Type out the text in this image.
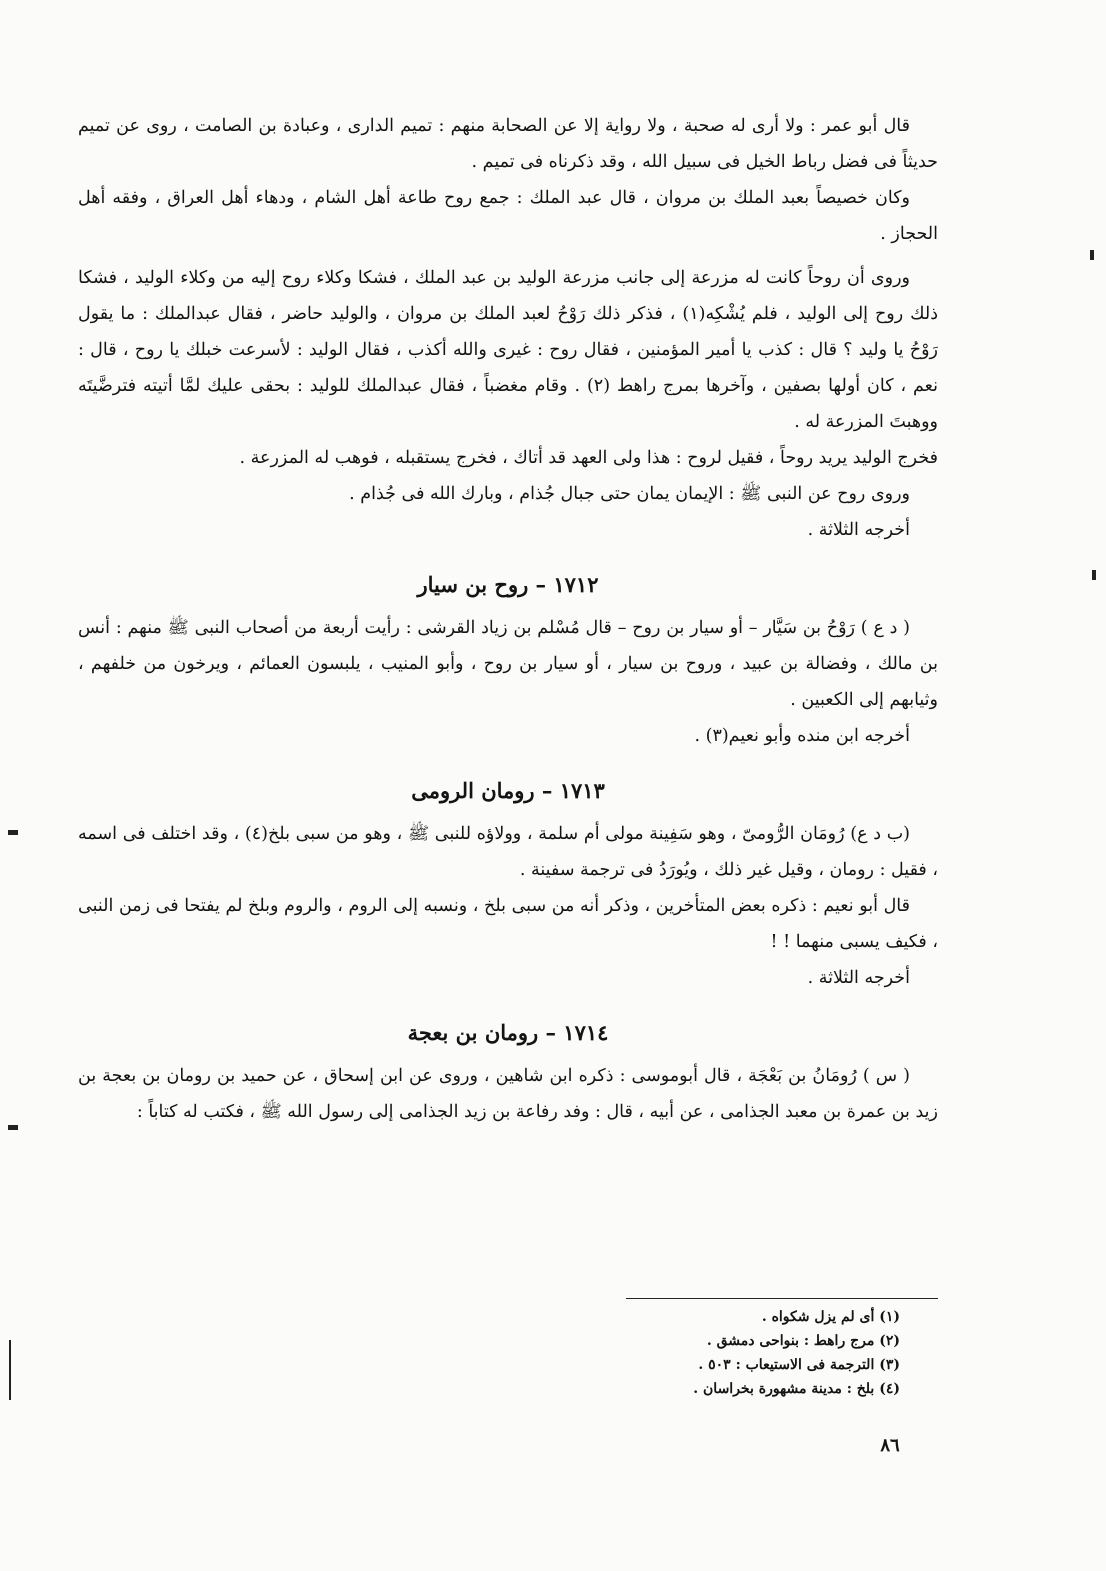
قال أبو عمر : ولا أرى له صحبة ، ولا رواية إلا عن الصحابة منهم : تميم الدارى ، وعبادة بن الصامت ، روى عن تميم حديثاً فى فضل رباط الخيل فى سبيل الله ، وقد ذكرناه فى تميم .

وكان خصيصاً بعبد الملك بن مروان ، قال عبد الملك : جمع روح طاعة أهل الشام ، ودهاء أهل العراق ، وفقه أهل الحجاز .

وروى أن روحاً كانت له مزرعة إلى جانب مزرعة الوليد بن عبد الملك ، فشكا وكلاء روح إليه من وكلاء الوليد ، فشكا ذلك روح إلى الوليد ، فلم يُشْكِه(١) ، فذكر ذلك رَوْحُ لعبد الملك بن مروان ، والوليد حاضر ، فقال عبدالملك : ما يقول رَوْحُ يا وليد ؟ قال : كذب يا أمير المؤمنين ، فقال روح : غيرى والله أكذب ، فقال الوليد : لأسرعت خبلك يا روح ، قال : نعم ، كان أولها بصفين ، وآخرها بمرج راهط (٢) . وقام مغضباً ، فقال عبدالملك للوليد : بحقى عليك لمَّا أتيته فترضَّيتَه ووهبتَ المزرعة له .

فخرج الوليد يريد روحاً ، فقيل لروح : هذا ولى العهد قد أتاك ، فخرج يستقبله ، فوهب له المزرعة .

وروى روح عن النبى ﷺ : الإيمان يمان حتى جبال جُذام ، وبارك الله فى جُذام .

أخرجه الثلاثة .

١٧١٢ – روح بن سيار

( د ع ) رَوْحُ بن سَيَّار – أو سيار بن روح – قال مُسْلم بن زياد القرشى : رأيت أربعة من أصحاب النبى ﷺ منهم : أنس بن مالك ، وفضالة بن عبيد ، وروح بن سيار ، أو سيار بن روح ، وأبو المنيب ، يلبسون العمائم ، ويرخون من خلفهم ، وثيابهم إلى الكعبين .

أخرجه ابن منده وأبو نعيم(٣) .

١٧١٣ – رومان الرومى

(ب د ع) رُومَان الرُّومىّ ، وهو سَفِينة مولى أم سلمة ، وولاؤه للنبى ﷺ ، وهو من سبى بلخ(٤) ، وقد اختلف فى اسمه ، فقيل : رومان ، وقيل غير ذلك ، ويُورَدُ فى ترجمة سفينة .

قال أبو نعيم : ذكره بعض المتأخرين ، وذكر أنه من سبى بلخ ، ونسبه إلى الروم ، والروم وبلخ لم يفتحا فى زمن النبى ، فكيف يسبى منهما ! !

أخرجه الثلاثة .

١٧١٤ – رومان بن بعجة

( س ) رُومَانُ بن بَعْجَة ، قال أبوموسى : ذكره ابن شاهين ، وروى عن ابن إسحاق ، عن حميد بن رومان بن بعجة بن زيد بن عمرة بن معبد الجذامى ، عن أبيه ، قال : وفد رفاعة بن زيد الجذامى إلى رسول الله ﷺ ، فكتب له كتاباً :

(١) أى لم يزل شكواه .
(٢) مرج راهط : بنواحى دمشق .
(٣) الترجمة فى الاستيعاب : ٥٠٣ .
(٤) بلخ : مدينة مشهورة بخراسان .
٨٦
